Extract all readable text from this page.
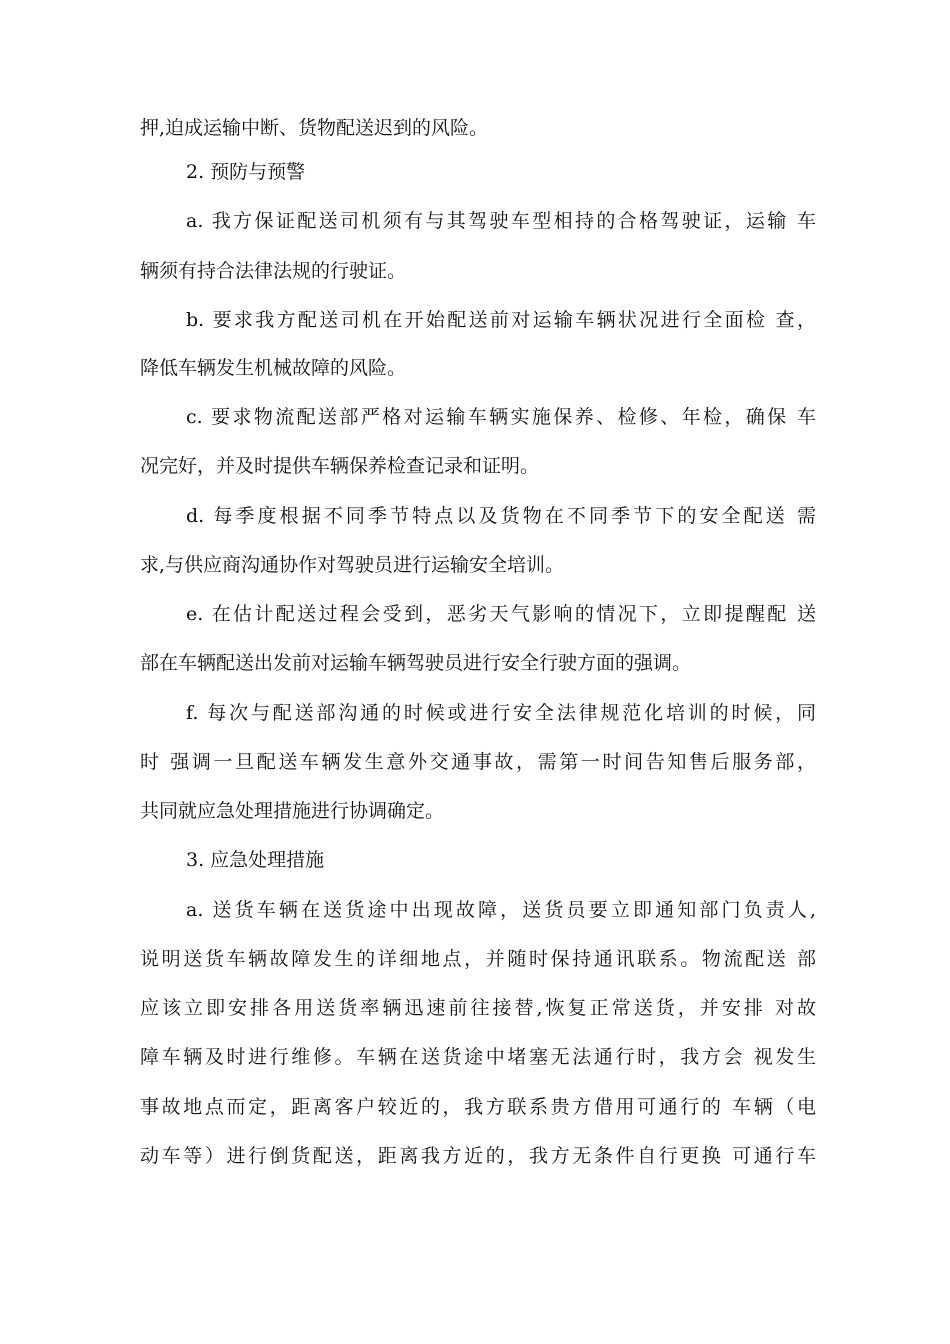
押,迫成运输中断、货物配送迟到的风险。

2. 预防与预警

a. 我方保证配送司机须有与其驾驶车型相持的合格驾驶证，运输 车

辆须有持合法律法规的行驶证。

b. 要求我方配送司机在开始配送前对运输车辆状况进行全面检 查，

降低车辆发生机械故障的风险。

c. 要求物流配送部严格对运输车辆实施保养、检修、年检，确保 车

况完好，并及时提供车辆保养检查记录和证明。

d. 每季度根据不同季节特点以及货物在不同季节下的安全配送 需

求,与供应商沟通协作对驾驶员进行运输安全培训。

e. 在估计配送过程会受到，恶劣天气影响的情况下，立即提醒配 送

部在车辆配送出发前对运输车辆驾驶员进行安全行驶方面的强调。

f. 每次与配送部沟通的时候或进行安全法律规范化培训的时候，同

时 强调一旦配送车辆发生意外交通事故，需第一时间告知售后服务部，

共同就应急处理措施进行协调确定。

3. 应急处理措施

a. 送货车辆在送货途中出现故障，送货员要立即通知部门负责人,

说明送货车辆故障发生的详细地点，并随时保持通讯联系。物流配送 部

应该立即安排各用送货率辆迅速前往接替,恢复正常送货，并安排 对故

障车辆及时进行维修。车辆在送货途中堵塞无法通行时，我方会 视发生

事故地点而定，距离客户较近的，我方联系贵方借用可通行的 车辆（电

动车等）进行倒货配送，距离我方近的，我方无条件自行更换 可通行车
